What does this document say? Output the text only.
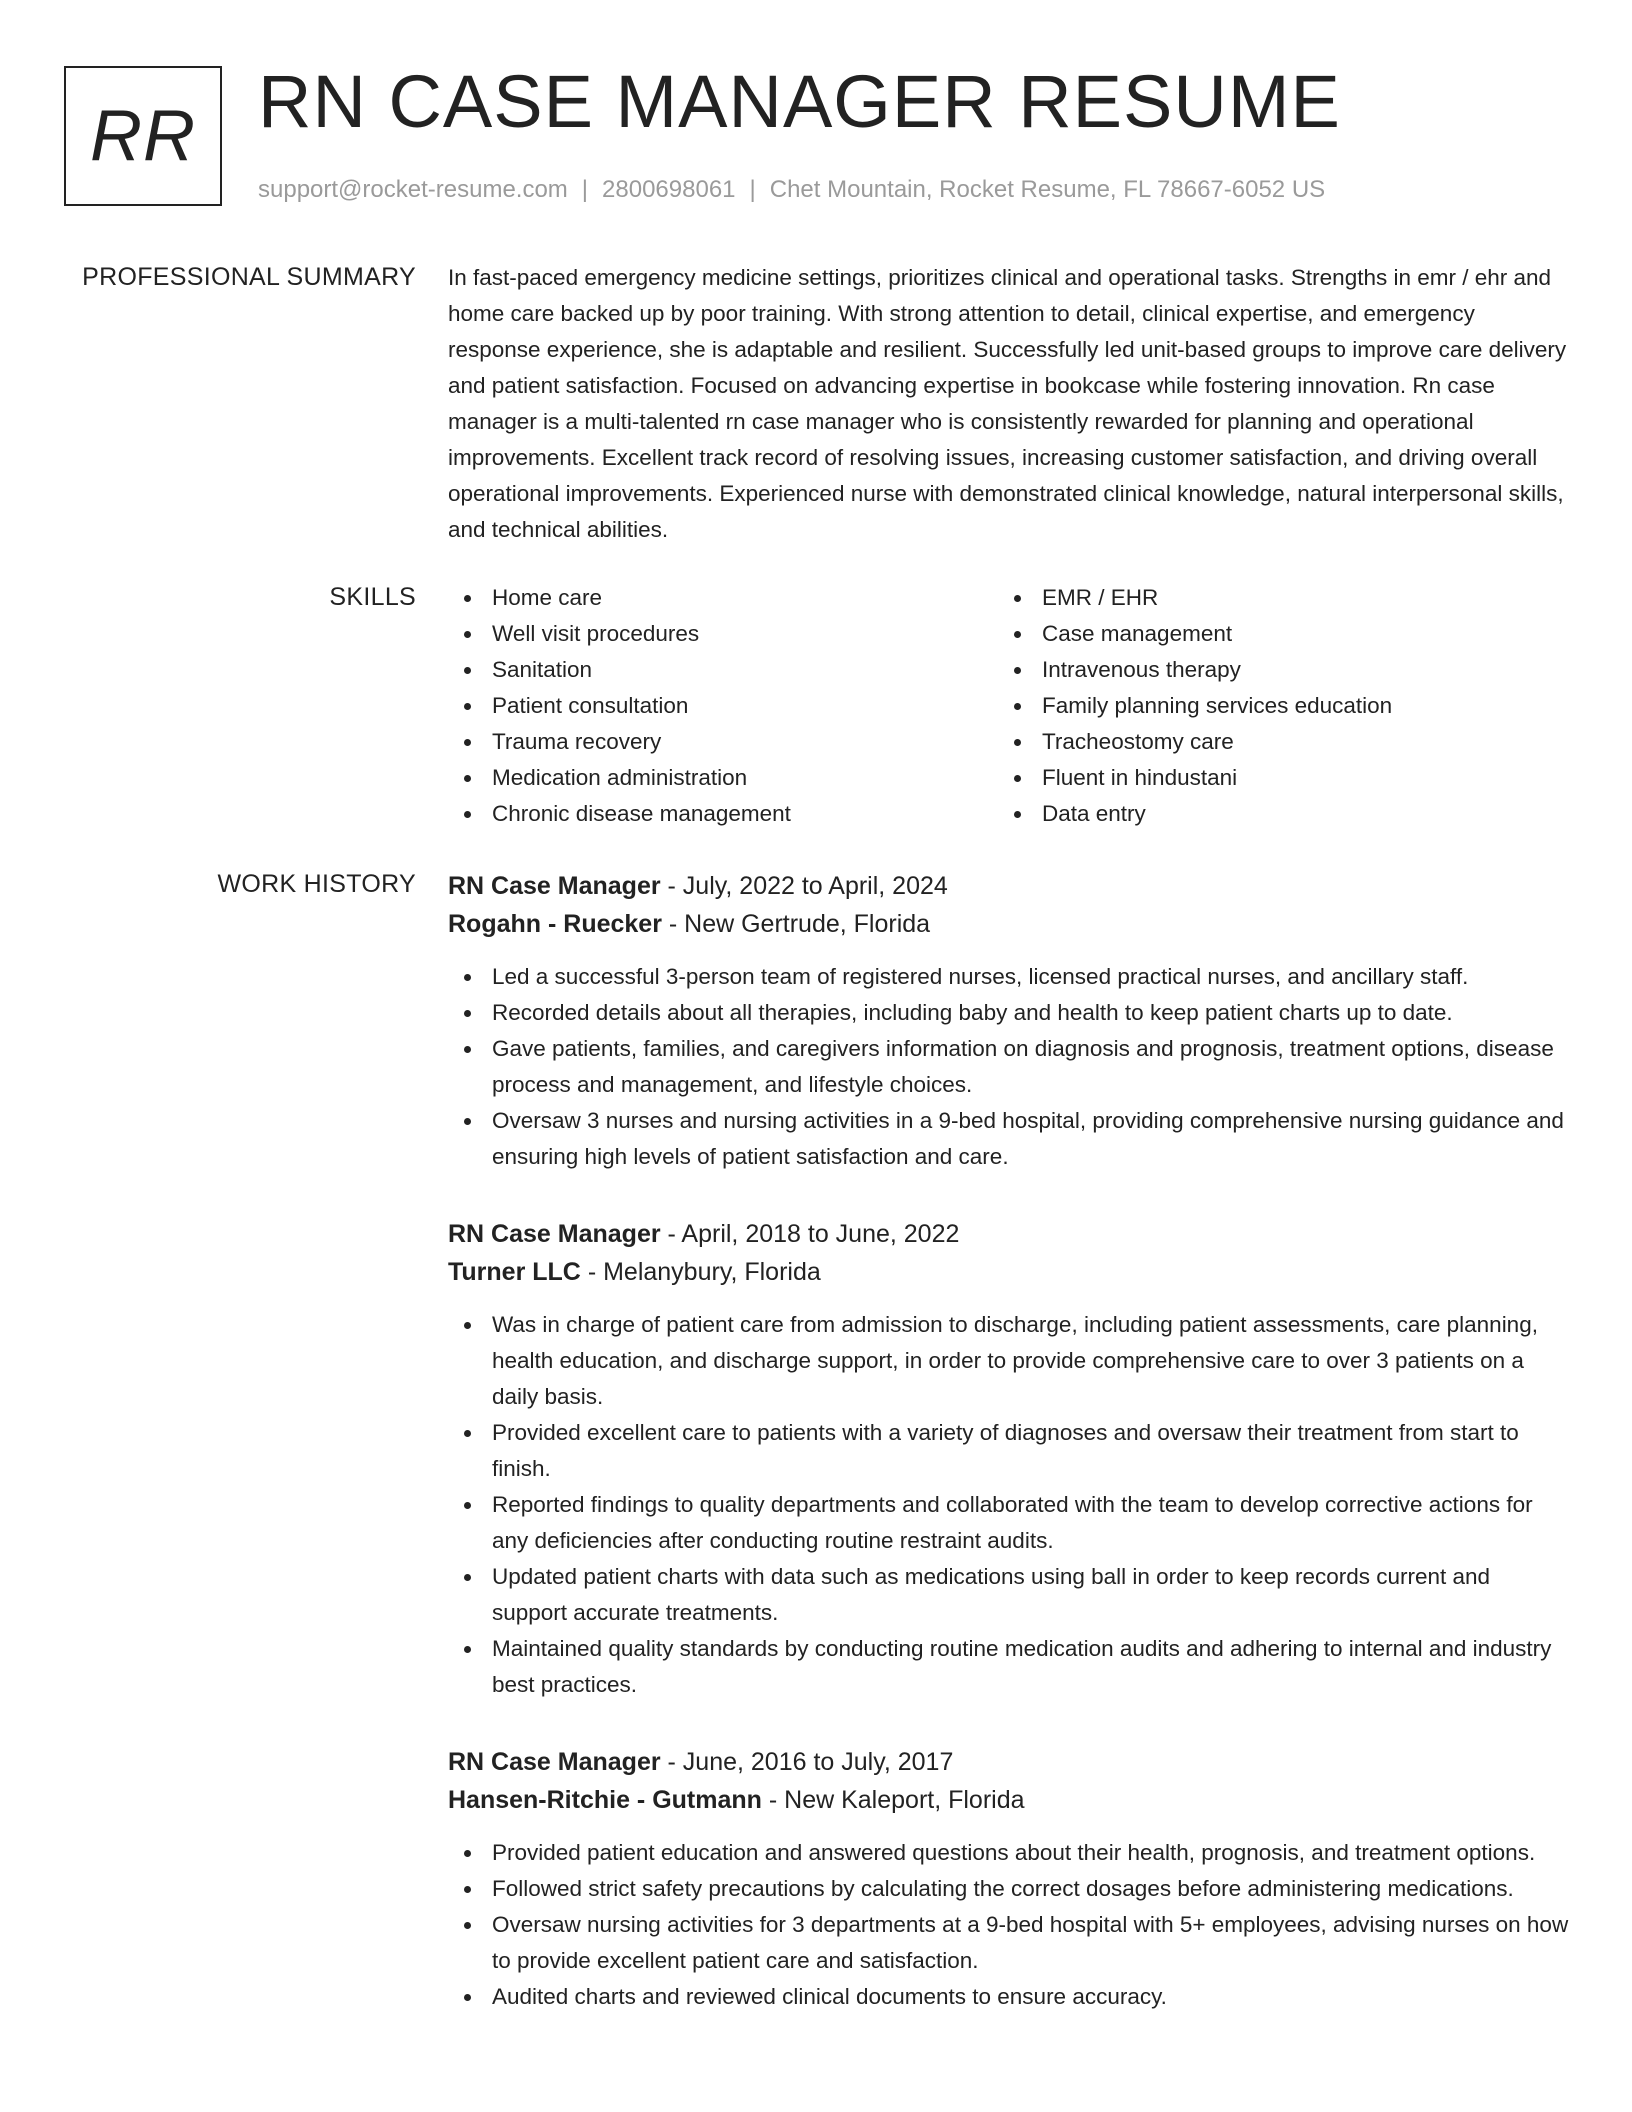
RR RN CASE MANAGER RESUME
support@rocket-resume.com | 2800698061 | Chet Mountain, Rocket Resume, FL 78667-6052 US
PROFESSIONAL SUMMARY In fast-paced emergency medicine settings, prioritizes clinical and operational tasks. Strengths in emr / ehr and home care backed up by poor training. With strong attention to detail, clinical expertise, and emergency response experience, she is adaptable and resilient. Successfully led unit-based groups to improve care delivery and patient satisfaction. Focused on advancing expertise in bookcase while fostering innovation. Rn case manager is a multi-talented rn case manager who is consistently rewarded for planning and operational improvements. Excellent track record of resolving issues, increasing customer satisfaction, and driving overall operational improvements. Experienced nurse with demonstrated clinical knowledge, natural interpersonal skills, and technical abilities.

SKILLS	Home care
Well visit procedures
Sanitation
Patient consultation
Trauma recovery
Medication administration
Chronic disease management
EMR / EHR
Case management
Intravenous therapy
Family planning services education
Tracheostomy care
Fluent in hindustani
Data entry
WORK HISTORY RN Case Manager - July, 2022 to April, 2024
Rogahn - Ruecker - New Gertrude, Florida
Led a successful 3-person team of registered nurses, licensed practical nurses, and ancillary staff.
Recorded details about all therapies, including baby and health to keep patient charts up to date.
Gave patients, families, and caregivers information on diagnosis and prognosis, treatment options, disease process and management, and lifestyle choices.
Oversaw 3 nurses and nursing activities in a 9-bed hospital, providing comprehensive nursing guidance and ensuring high levels of patient satisfaction and care.
RN Case Manager - April, 2018 to June, 2022
Turner LLC - Melanybury, Florida
Was in charge of patient care from admission to discharge, including patient assessments, care planning, health education, and discharge support, in order to provide comprehensive care to over 3 patients on a daily basis.
Provided excellent care to patients with a variety of diagnoses and oversaw their treatment from start to finish.
Reported findings to quality departments and collaborated with the team to develop corrective actions for any deficiencies after conducting routine restraint audits.
Updated patient charts with data such as medications using ball in order to keep records current and support accurate treatments.
Maintained quality standards by conducting routine medication audits and adhering to internal and industry best practices.
RN Case Manager - June, 2016 to July, 2017
Hansen-Ritchie - Gutmann - New Kaleport, Florida
Provided patient education and answered questions about their health, prognosis, and treatment options.
Followed strict safety precautions by calculating the correct dosages before administering medications.
Oversaw nursing activities for 3 departments at a 9-bed hospital with 5+ employees, advising nurses on how to provide excellent patient care and satisfaction.
Audited charts and reviewed clinical documents to ensure accuracy.
